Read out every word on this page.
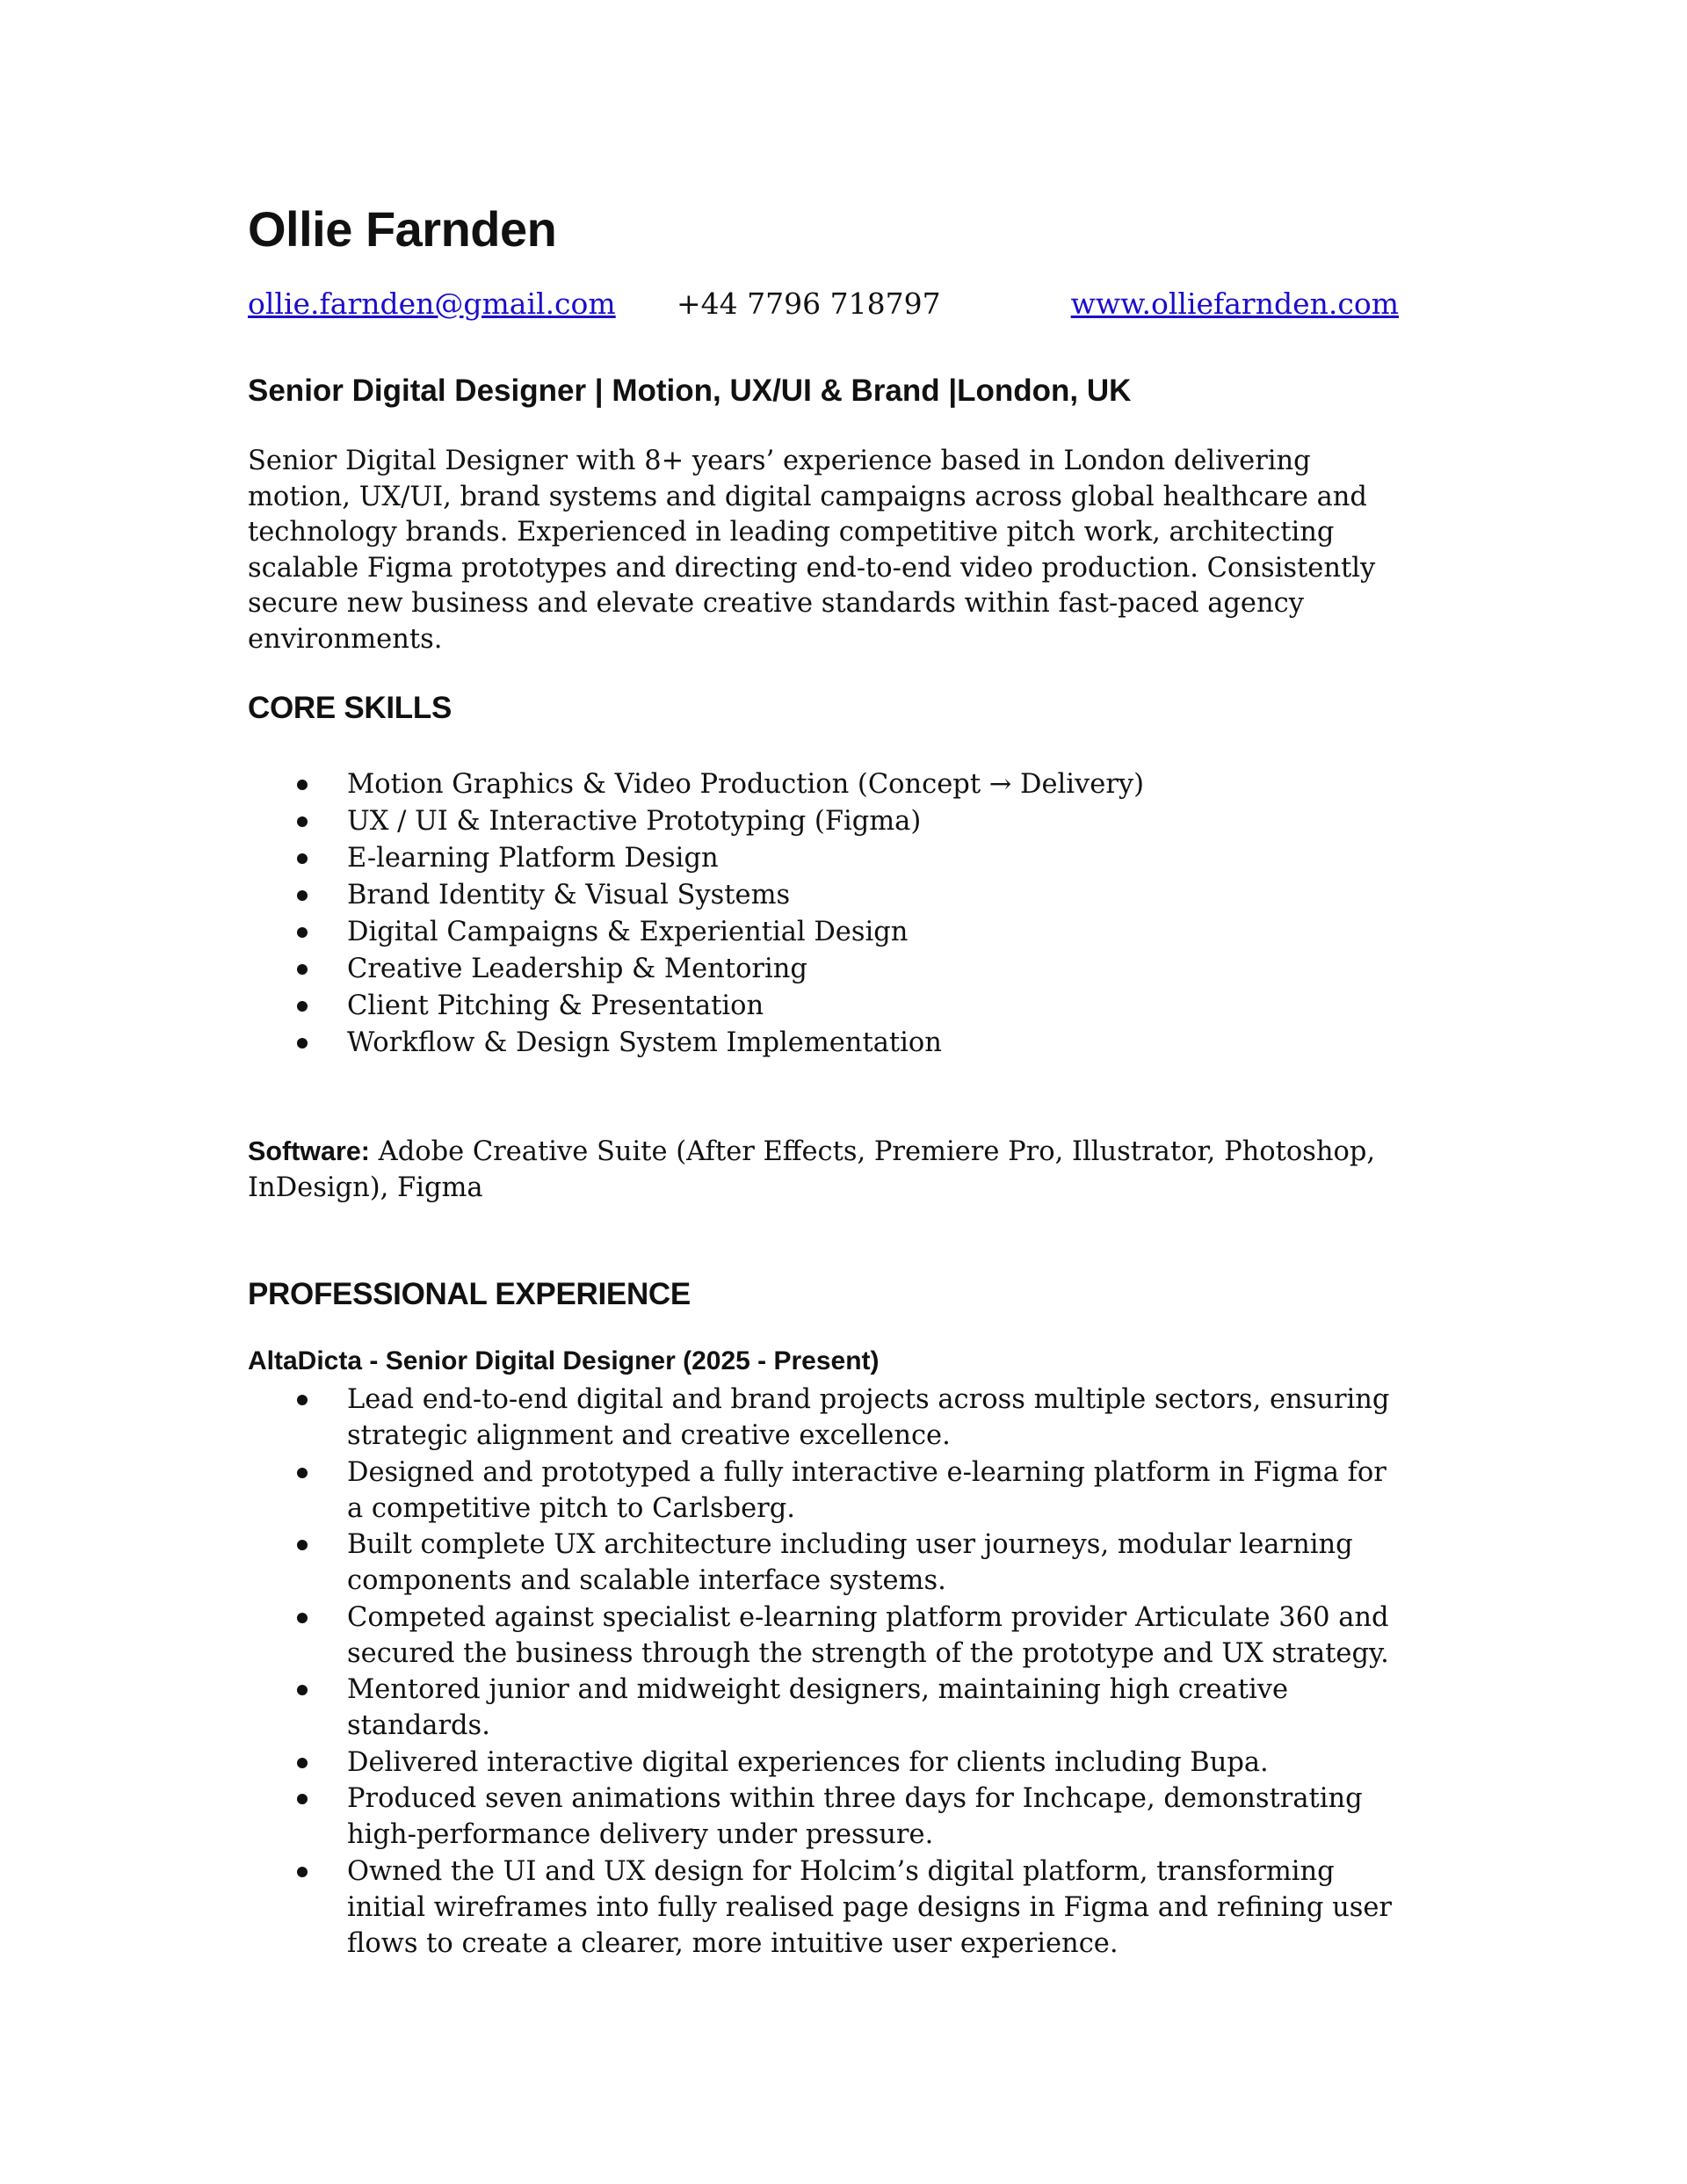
Ollie Farnden
ollie.farnden@gmail.com +44 7796 718797	www.olliefarnden.com
Senior Digital Designer | Motion, UX/UI & Brand |London, UK

Senior Digital Designer with 8+ years’ experience based in London delivering motion, UX/UI, brand systems and digital campaigns across global healthcare and technology brands. Experienced in leading competitive pitch work, architecting scalable Figma prototypes and directing end-to-end video production. Consistently secure new business and elevate creative standards within fast-paced agency environments.

CORE SKILLS
Motion Graphics & Video Production (Concept → Delivery)
UX / UI & Interactive Prototyping (Figma)
E-learning Platform Design
Brand Identity & Visual Systems
Digital Campaigns & Experiential Design
Creative Leadership & Mentoring
Client Pitching & Presentation
Workflow & Design System Implementation

Software: Adobe Creative Suite (After Effects, Premiere Pro, Illustrator, Photoshop, InDesign), Figma

PROFESSIONAL EXPERIENCE
AltaDicta - Senior Digital Designer (2025 - Present)
Lead end-to-end digital and brand projects across multiple sectors, ensuring strategic alignment and creative excellence.
Designed and prototyped a fully interactive e-learning platform in Figma for a competitive pitch to Carlsberg.
Built complete UX architecture including user journeys, modular learning components and scalable interface systems.
Competed against specialist e-learning platform provider Articulate 360 and secured the business through the strength of the prototype and UX strategy.
Mentored junior and midweight designers, maintaining high creative standards.
Delivered interactive digital experiences for clients including Bupa.
Produced seven animations within three days for Inchcape, demonstrating high-performance delivery under pressure.
Owned the UI and UX design for Holcim’s digital platform, transforming initial wireframes into fully realised page designs in Figma and refining user flows to create a clearer, more intuitive user experience.
